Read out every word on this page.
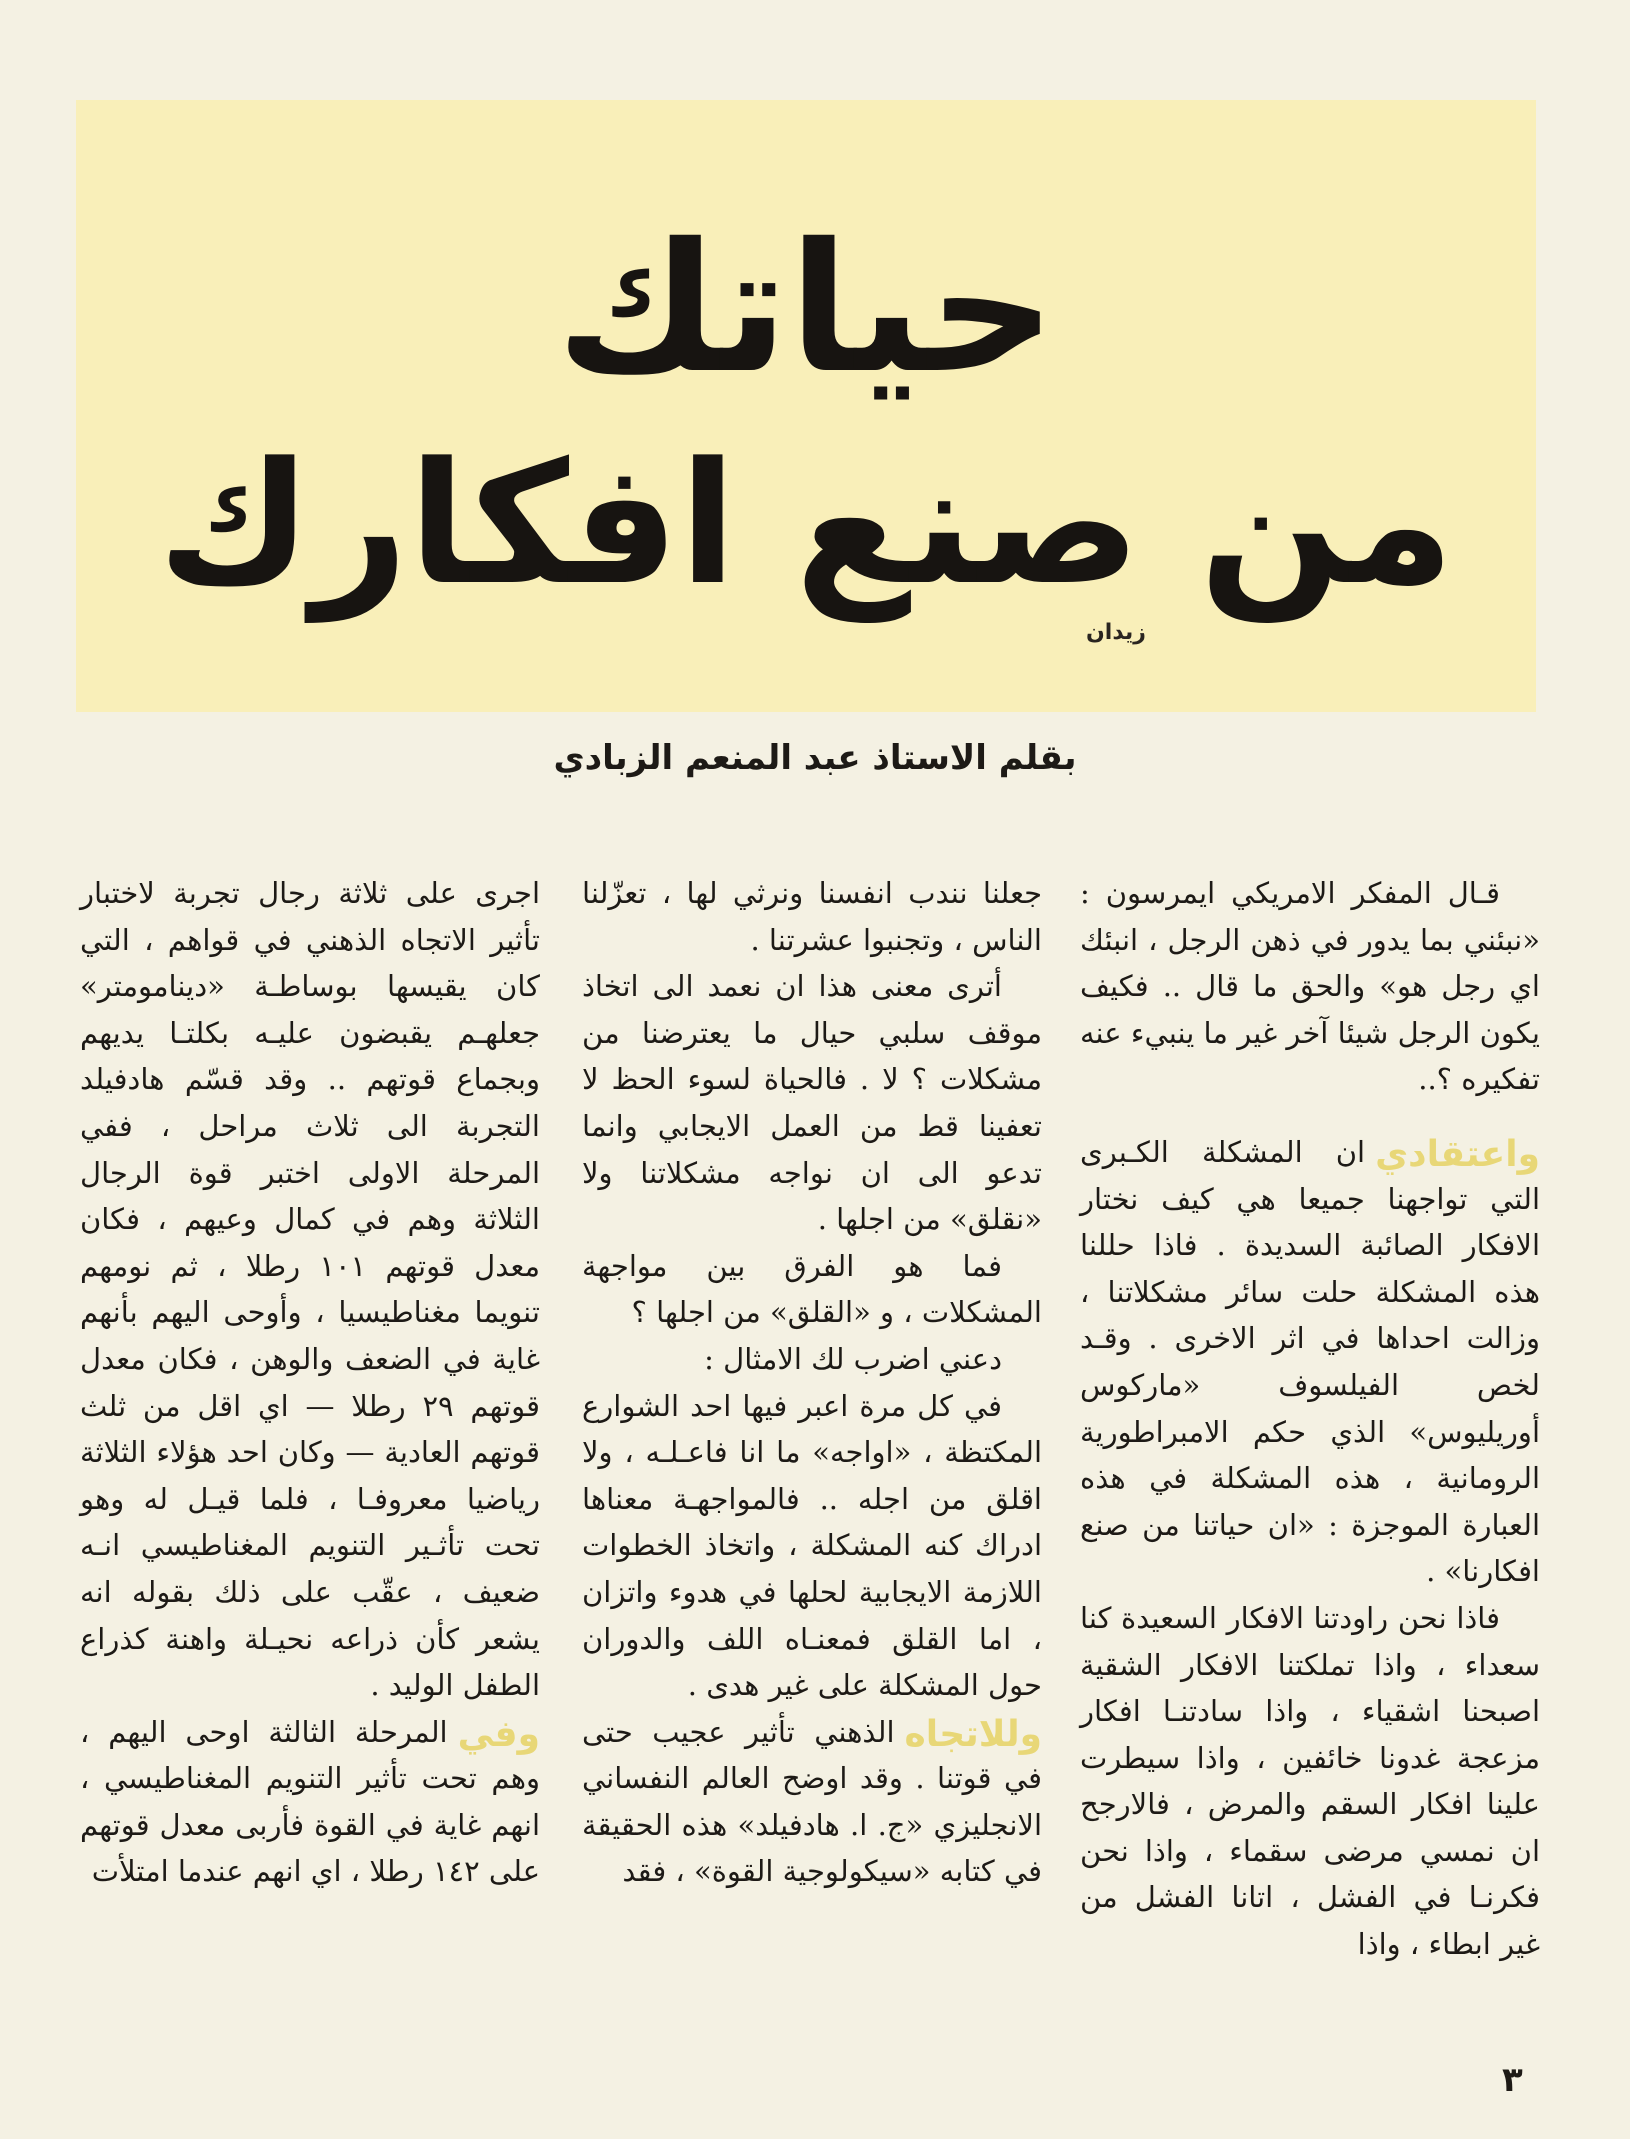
حياتك
من صنع افكارك
زيدان
بقلم الاستاذ عبد المنعم الزبادي

قـال المفكر الامريكي ايمرسون : «نبئني بما يدور في ذهن الرجل ، انبئك اي رجل هو» والحق ما قال .. فكيف يكون الرجل شيئا آخر غير ما ينبيء عنه تفكيره ؟..

واعتقادي
ان المشكلة الكـبرى التي تواجهنا جميعا هي كيف نختار الافكار الصائبة السديدة . فاذا حللنا هذه المشكلة حلت سائر مشكلاتنا ، وزالت احداها في اثر الاخرى . وقـد لخص الفيلسوف «ماركوس أوريليوس» الذي حكم الامبراطورية الرومانية ، هذه المشكلة في هذه العبارة الموجزة : «ان حياتنا من صنع افكارنا» .

فاذا نحن راودتنا الافكار السعيدة كنا سعداء ، واذا تملكتنا الافكار الشقية اصبحنا اشقياء ، واذا سادتنـا افكار مزعجة غدونا خائفين ، واذا سيطرت علينا افكار السقم والمرض ، فالارجح ان نمسي مرضى سقماء ، واذا نحن فكرنـا في الفشل ، اتانا الفشل من غير ابطاء ، واذا

جعلنا نندب انفسنا ونرثي لها ، تعزّلنا الناس ، وتجنبوا عشرتنا .

أترى معنى هذا ان نعمد الى اتخاذ موقف سلبي حيال ما يعترضنا من مشكلات ؟ لا . فالحياة لسوء الحظ لا تعفينا قط من العمل الايجابي وانما تدعو الى ان نواجه مشكلاتنا ولا «نقلق» من اجلها .

فما هو الفرق بين مواجهة المشكلات ، و «القلق» من اجلها ؟

دعني اضرب لك الامثال :

في كل مرة اعبر فيها احد الشوارع المكتظة ، «اواجه» ما انا فاعـلـه ، ولا اقلق من اجله .. فالمواجهـة معناها ادراك كنه المشكلة ، واتخاذ الخطوات اللازمة الايجابية لحلها في هدوء واتزان ، اما القلق فمعنـاه اللف والدوران حول المشكلة على غير هدى .

وللاتجاه
الذهني تأثير عجيب حتى في قوتنا . وقد اوضح العالم النفساني الانجليزي «ج. ا. هادفيلد» هذه الحقيقة في كتابه «سيكولوجية القوة» ، فقد

اجرى على ثلاثة رجال تجربة لاختبار تأثير الاتجاه الذهني في قواهم ، التي كان يقيسها بوساطـة «دينامومتر» جعلهـم يقبضون عليـه بكلتـا يديهم وبجماع قوتهم .. وقد قسّم هادفيلد التجربة الى ثلاث مراحل ، ففي المرحلة الاولى اختبر قوة الرجال الثلاثة وهم في كمال وعيهم ، فكان معدل قوتهم ١٠١ رطلا ، ثم نومهم تنويما مغناطيسيا ، وأوحى اليهم بأنهم غاية في الضعف والوهن ، فكان معدل قوتهم ٢٩ رطلا — اي اقل من ثلث قوتهم العادية — وكان احد هؤلاء الثلاثة رياضيا معروفـا ، فلما قيـل له وهو تحت تأثـير التنويم المغناطيسي انـه ضعيف ، عقّب على ذلك بقوله انه يشعر كأن ذراعه نحيـلة واهنة كذراع الطفل الوليد .

وفي
المرحلة الثالثة اوحى اليهم ، وهم تحت تأثير التنويم المغناطيسي ، انهم غاية في القوة فأربى معدل قوتهم على ١٤٢ رطلا ، اي انهم عندما امتلأت

٣
